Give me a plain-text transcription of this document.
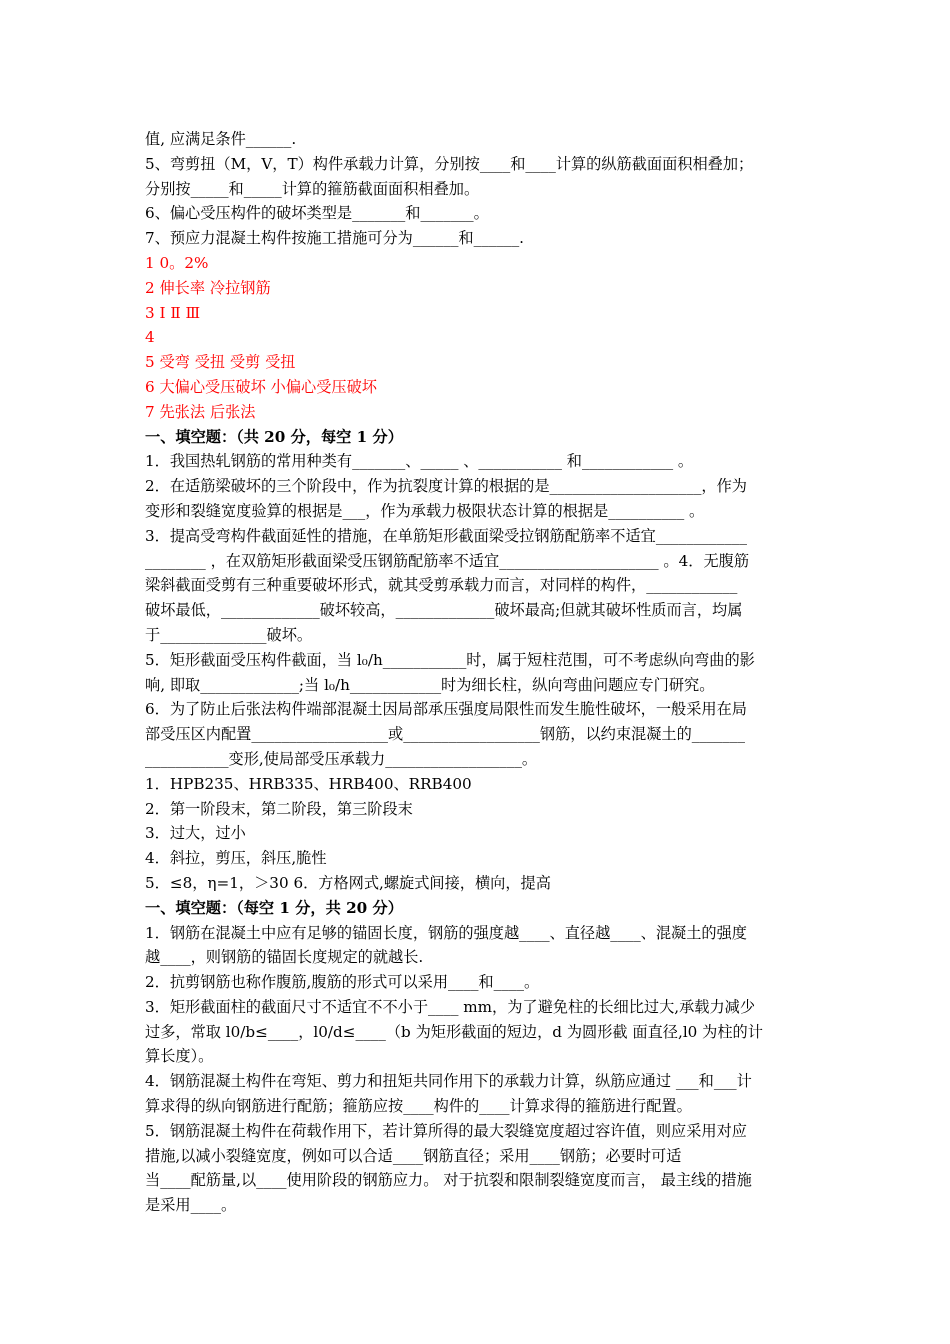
值, 应满足条件______.
5、弯剪扭（M，V，T）构件承载力计算，分别按____和____计算的纵筋截面面积相叠加；
分别按_____和_____计算的箍筋截面面积相叠加。
6、偏心受压构件的破坏类型是_______和_______。
7、预应力混凝土构件按施工措施可分为______和______.
1 0。2%
2 伸长率 冷拉钢筋
3 Ⅰ Ⅱ Ⅲ
4
5 受弯 受扭 受剪 受扭
6 大偏心受压破坏 小偏心受压破坏
7 先张法 后张法
一、填空题：（共 20 分，每空 1 分）
1．我国热轧钢筋的常用种类有_______、_____ 、___________ 和____________ 。
2．在适筋梁破坏的三个阶段中，作为抗裂度计算的根据的是____________________，作为
变形和裂缝宽度验算的根据是___，作为承载力极限状态计算的根据是__________ 。
3．提高受弯构件截面延性的措施，在单筋矩形截面梁受拉钢筋配筋率不适宜____________
________ ，在双筋矩形截面梁受压钢筋配筋率不适宜_____________________ 。4．无腹筋
梁斜截面受剪有三种重要破坏形式，就其受剪承载力而言，对同样的构件，____________
破坏最低，_____________破坏较高，_____________破坏最高;但就其破坏性质而言，均属
于______________破坏。
5．矩形截面受压构件截面，当 l₀/h___________时，属于短柱范围，可不考虑纵向弯曲的影
响, 即取_____________;当 l₀/h____________时为细长柱，纵向弯曲问题应专门研究。
6．为了防止后张法构件端部混凝土因局部承压强度局限性而发生脆性破坏，一般采用在局
部受压区内配置__________________或__________________钢筋，以约束混凝土的_______
___________变形,使局部受压承载力__________________。
1．HPB235、HRB335、HRB400、RRB400
2．第一阶段末，第二阶段，第三阶段末
3．过大，过小
4．斜拉，剪压，斜压,脆性
5．≤8，η=1，＞30 6．方格网式,螺旋式间接，横向，提高
一、填空题：（每空 1 分，共 20 分）
1．钢筋在混凝土中应有足够的锚固长度，钢筋的强度越____、直径越____、混凝土的强度
越____，则钢筋的锚固长度规定的就越长.
2．抗剪钢筋也称作腹筋,腹筋的形式可以采用____和____。
3．矩形截面柱的截面尺寸不适宜不不小于____ mm，为了避免柱的长细比过大,承载力减少
过多，常取 l0/b≤____，l0/d≤____（b 为矩形截面的短边，d 为圆形截 面直径,l0 为柱的计
算长度）。
4．钢筋混凝土构件在弯矩、剪力和扭矩共同作用下的承载力计算，纵筋应通过 ___和___计
算求得的纵向钢筋进行配筋；箍筋应按____构件的____计算求得的箍筋进行配置。
5．钢筋混凝土构件在荷载作用下，若计算所得的最大裂缝宽度超过容许值，则应采用对应
措施,以减小裂缝宽度，例如可以合适____钢筋直径；采用____钢筋；必要时可适
当____配筋量,以____使用阶段的钢筋应力。 对于抗裂和限制裂缝宽度而言， 最主线的措施
是采用____。
